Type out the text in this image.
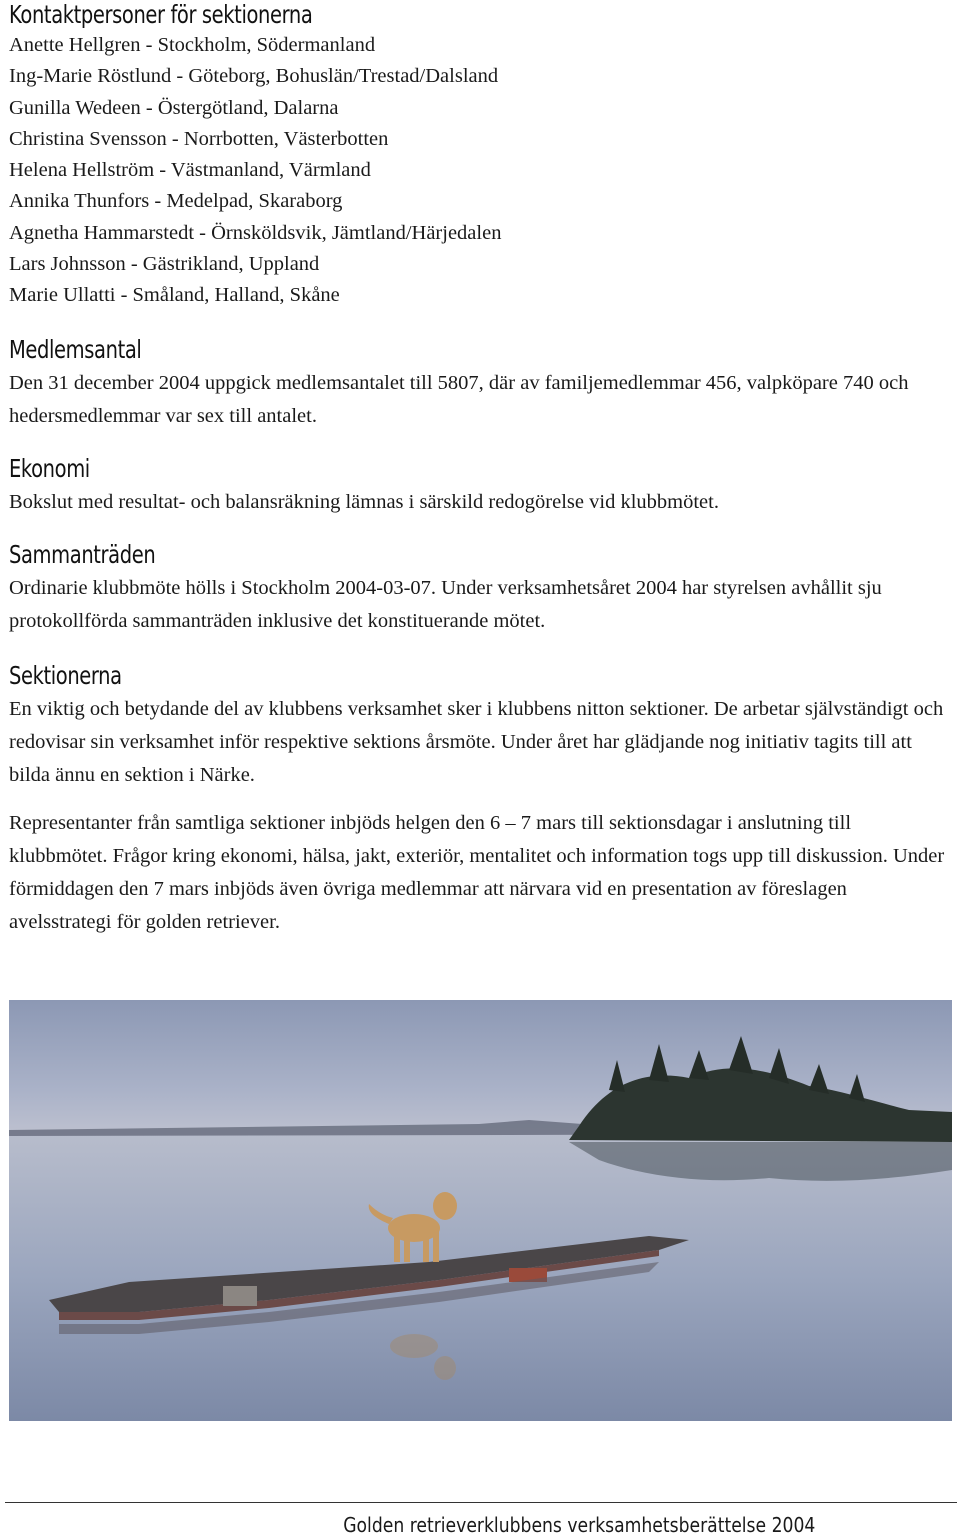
Kontaktpersoner för sektionerna
Anette Hellgren - Stockholm, Södermanland
Ing-Marie Röstlund - Göteborg, Bohuslän/Trestad/Dalsland
Gunilla Wedeen - Östergötland, Dalarna
Christina Svensson - Norrbotten, Västerbotten
Helena Hellström - Västmanland, Värmland
Annika Thunfors - Medelpad, Skaraborg
Agnetha Hammarstedt - Örnsköldsvik, Jämtland/Härjedalen
Lars Johnsson - Gästrikland, Uppland
Marie Ullatti - Småland, Halland, Skåne
Medlemsantal

Den 31 december 2004 uppgick medlemsantalet till 5807, där av familjemedlemmar 456, valpköpare 740 och hedersmedlemmar var sex till antalet.

Ekonomi

Bokslut med resultat- och balansräkning lämnas i särskild redogörelse vid klubbmötet.

Sammanträden

Ordinarie klubbmöte hölls i Stockholm 2004-03-07. Under verksamhetsåret 2004 har styrelsen avhållit sju protokollförda sammanträden inklusive det konstituerande mötet.

Sektionerna

En viktig och betydande del av klubbens verksamhet sker i klubbens nitton sektioner. De arbetar självständigt och redovisar sin verksamhet inför respektive sektions årsmöte. Under året har glädjande nog initiativ tagits till att bilda ännu en sektion i Närke.

Representanter från samtliga sektioner inbjöds helgen den 6 – 7 mars till sektionsdagar i anslutning till klubbmötet. Frågor kring ekonomi, hälsa, jakt, exteriör, mentalitet och information togs upp till diskussion. Under förmiddagen den 7 mars inbjöds även övriga medlemmar att närvara vid en presentation av föreslagen avelsstrategi för golden retriever.

Golden retrieverklubbens verksamhetsberättelse 2004
